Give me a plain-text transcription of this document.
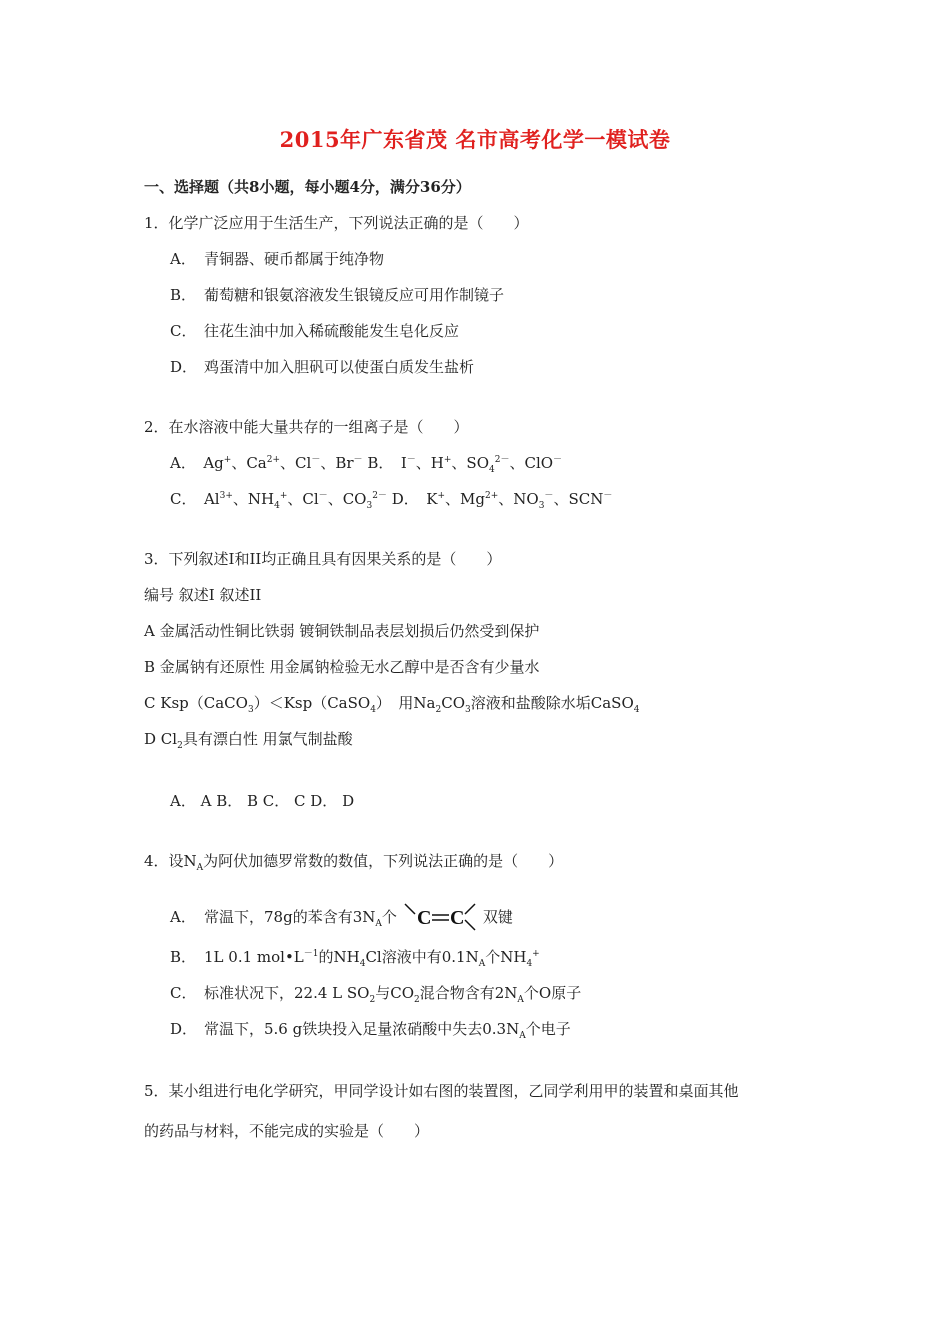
2015年广东省茂 名市高考化学一模试卷
一、选择题（共8小题，每小题4分，满分36分）
1．化学广泛应用于生活生产，下列说法正确的是（　　）
A． 青铜器、硬币都属于纯净物
B． 葡萄糖和银氨溶液发生银镜反应可用作制镜子
C． 往花生油中加入稀硫酸能发生皂化反应
D． 鸡蛋清中加入胆矾可以使蛋白质发生盐析
2．在水溶液中能大量共存的一组离子是（　　）
A．　Ag+、$Ca^{2+}$、Cl－、Br－ B．　I－、H+、$SO_4^{2-}$、ClO－
C．　$Al^{3+}$、$NH_4^+$、Cl－、$CO_3^{2-}$ D．　K+、$Mg^{2+}$、$NO_3^-$、SCN－
3．下列叙述I和II均正确且具有因果关系的是（　　）
编号 叙述I 叙述II
A 金属活动性铜比铁弱 镀铜铁制品表层划损后仍然受到保护
B 金属钠有还原性 用金属钠检验无水乙醇中是否含有少量水
C Ksp（CaCO$_3$）＜Ksp（CaSO$_4$）　用$Na_2CO_3$溶液和盐酸除水垢CaSO$_4$
D $Cl_2$具有漂白性 用氯气制盐酸
A． A B． B C． C D． D
4．设$N_A$为阿伏加德罗常数的数值，下列说法正确的是（　　）
A． 常温下，78g的苯含有$3N_A$个 C C 双键
B． 1L 0.1 $mol•L^{-1}$的$NH_4Cl$溶液中有$0.1N_A$个$NH_4^+$
C． 标准状况下，22.4 L $SO_2$与$CO_2$混合物含有$2N_A$个O原子
D． 常温下，5.6 g铁块投入足量浓硝酸中失去$0.3N_A$个电子
5．某小组进行电化学研究，甲同学设计如右图的装置图，乙同学利用甲的装置和桌面其他
的药品与材料，不能完成的实验是（　　）
